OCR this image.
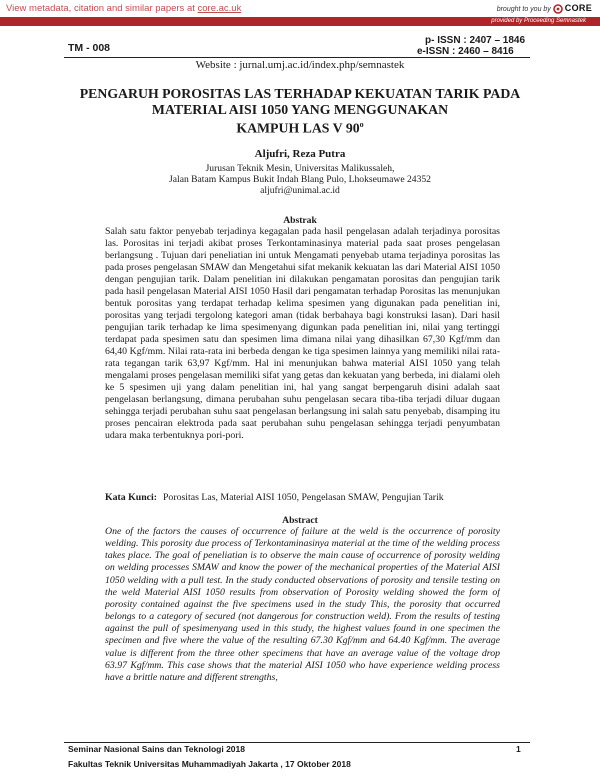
View metadata, citation and similar papers at core.ac.uk	brought to you by CORE
provided by Proceeding Semnastek
TM - 008
p- ISSN : 2407 – 1846
e-ISSN : 2460 – 8416
Website : jurnal.umj.ac.id/index.php/semnastek
PENGARUH POROSITAS LAS TERHADAP KEKUATAN TARIK PADA
MATERIAL AISI 1050 YANG MENGGUNAKAN
KAMPUH LAS V 90$^o$
Aljufri, Reza Putra
Jurusan Teknik Mesin, Universitas Malikussaleh,
Jalan Batam Kampus Bukit Indah Blang Pulo, Lhokseumawe 24352
aljufri@unimal.ac.id
Abstrak
Salah satu faktor penyebab terjadinya kegagalan pada hasil pengelasan adalah terjadinya porositas las. Porositas ini terjadi akibat proses Terkontaminasinya material pada saat proses pengelasan berlangsung . Tujuan dari peneliatian ini untuk Mengamati penyebab utama terjadinya porositas las pada proses pengelasan SMAW dan Mengetahui sifat mekanik kekuatan las dari Material AISI 1050 dengan pengujian tarik. Dalam penelitian ini dilakukan pengamatan porositas dan pengujian tarik pada hasil pengelasan Material AISI 1050 Hasil dari pengamatan terhadap Porositas las menunjukan bentuk porositas yang terdapat terhadap kelima spesimen yang digunakan pada penelitian ini, porositas yang terjadi tergolong kategori aman (tidak berbahaya bagi konstruksi lasan). Dari hasil pengujian tarik terhadap ke lima spesimenyang digunkan pada penelitian ini, nilai yang tertinggi terdapat pada spesimen satu dan spesimen lima dimana nilai yang dihasilkan 67,30 Kgf/mm dan 64,40 Kgf/mm. Nilai rata-rata ini berbeda dengan ke tiga spesimen lainnya yang memiliki nilai rata-rata tegangan tarik 63,97 Kgf/mm. Hal ini menunjukan bahwa material AISI 1050 yang telah mengalami proses pengelasan memiliki sifat yang getas dan kekuatan yang berbeda, ini dialami oleh ke 5 spesimen uji yang dalam penelitian ini, hal yang sangat berpengaruh disini adalah saat pengelasan berlangsung, dimana perubahan suhu pengelasan secara tiba-tiba terjadi diluar dugaan sehingga terjadi perubahan suhu saat pengelasan berlangsung ini salah satu penyebab, disamping itu proses pencairan elektroda pada saat perubahan suhu pengelasan sehingga terjadi penyumbatan udara maka terbentuknya pori-pori.
Kata Kunci: Porositas Las, Material AISI 1050, Pengelasan SMAW, Pengujian Tarik
Abstract
One of the factors the causes of occurrence of failure at the weld is the occurrence of porosity welding. This porosity due process of Terkontaminasinya material at the time of the welding process takes place. The goal of peneliatian is to observe the main cause of occurrence of porosity welding on welding processes SMAW and know the power of the mechanical properties of the Material AISI 1050 welding with a pull test. In the study conducted observations of porosity and tensile testing on the weld Material AISI 1050 results from observation of Porosity welding showed the form of porosity contained against the five specimens used in the study This, the porosity that occurred belongs to a category of secured (not dangerous for construction weld). From the results of testing against the pull of spesimenyang used in this study, the highest values found in one specimen the specimen and five where the value of the resulting 67.30 Kgf/mm and 64.40 Kgf/mm. The average value is different from the three other specimens that have an average value of the voltage drop 63.97 Kgf/mm. This case shows that the material AISI 1050 who have experience welding process have a brittle nature and different strengths,
Seminar Nasional Sains dan Teknologi 2018	1
Fakultas Teknik Universitas Muhammadiyah Jakarta , 17 Oktober 2018
